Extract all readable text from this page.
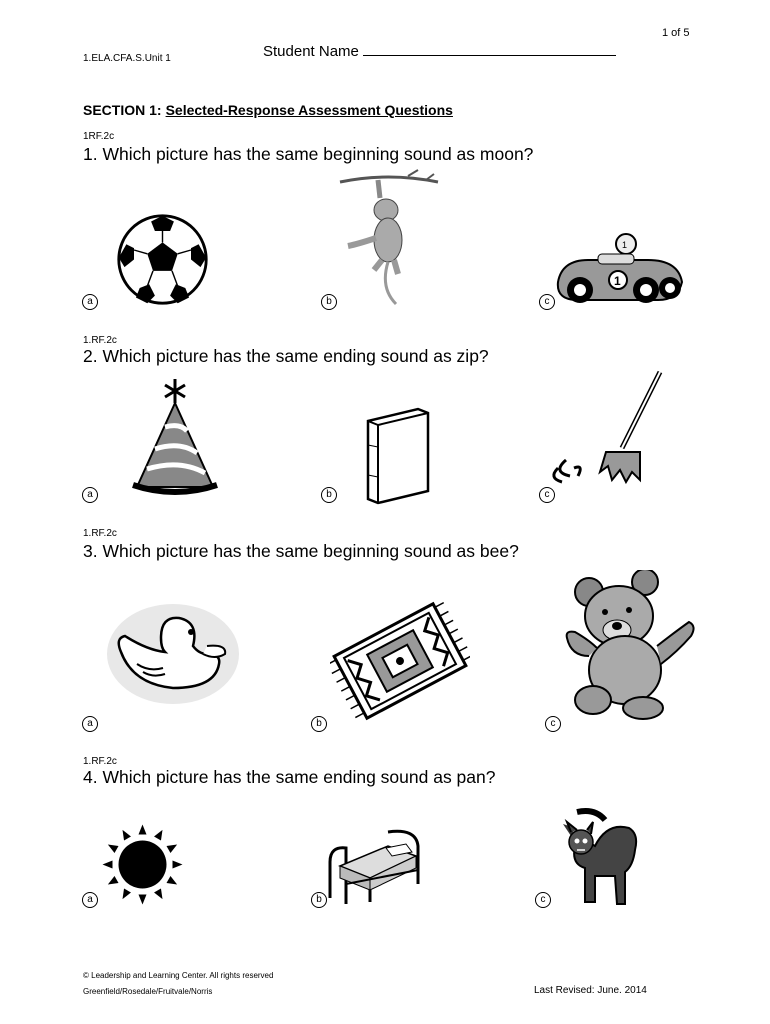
1 of 5
1.ELA.CFA.S.Unit 1	Student Name
SECTION 1: Selected-Response Assessment Questions
1RF.2c
1. Which picture has the same beginning sound as moon?
1
1
a	b	c
1.RF.2c
2. Which picture has the same ending sound as zip?
a	b	c
1.RF.2c
3. Which picture has the same beginning sound as bee?
a	b	c
1.RF.2c
4. Which picture has the same ending sound as pan?
a	b	c
© Leadership and Learning Center. All rights reserved
Greenfield/Rosedale/Fruitvale/Norris	Last Revised: June. 2014
